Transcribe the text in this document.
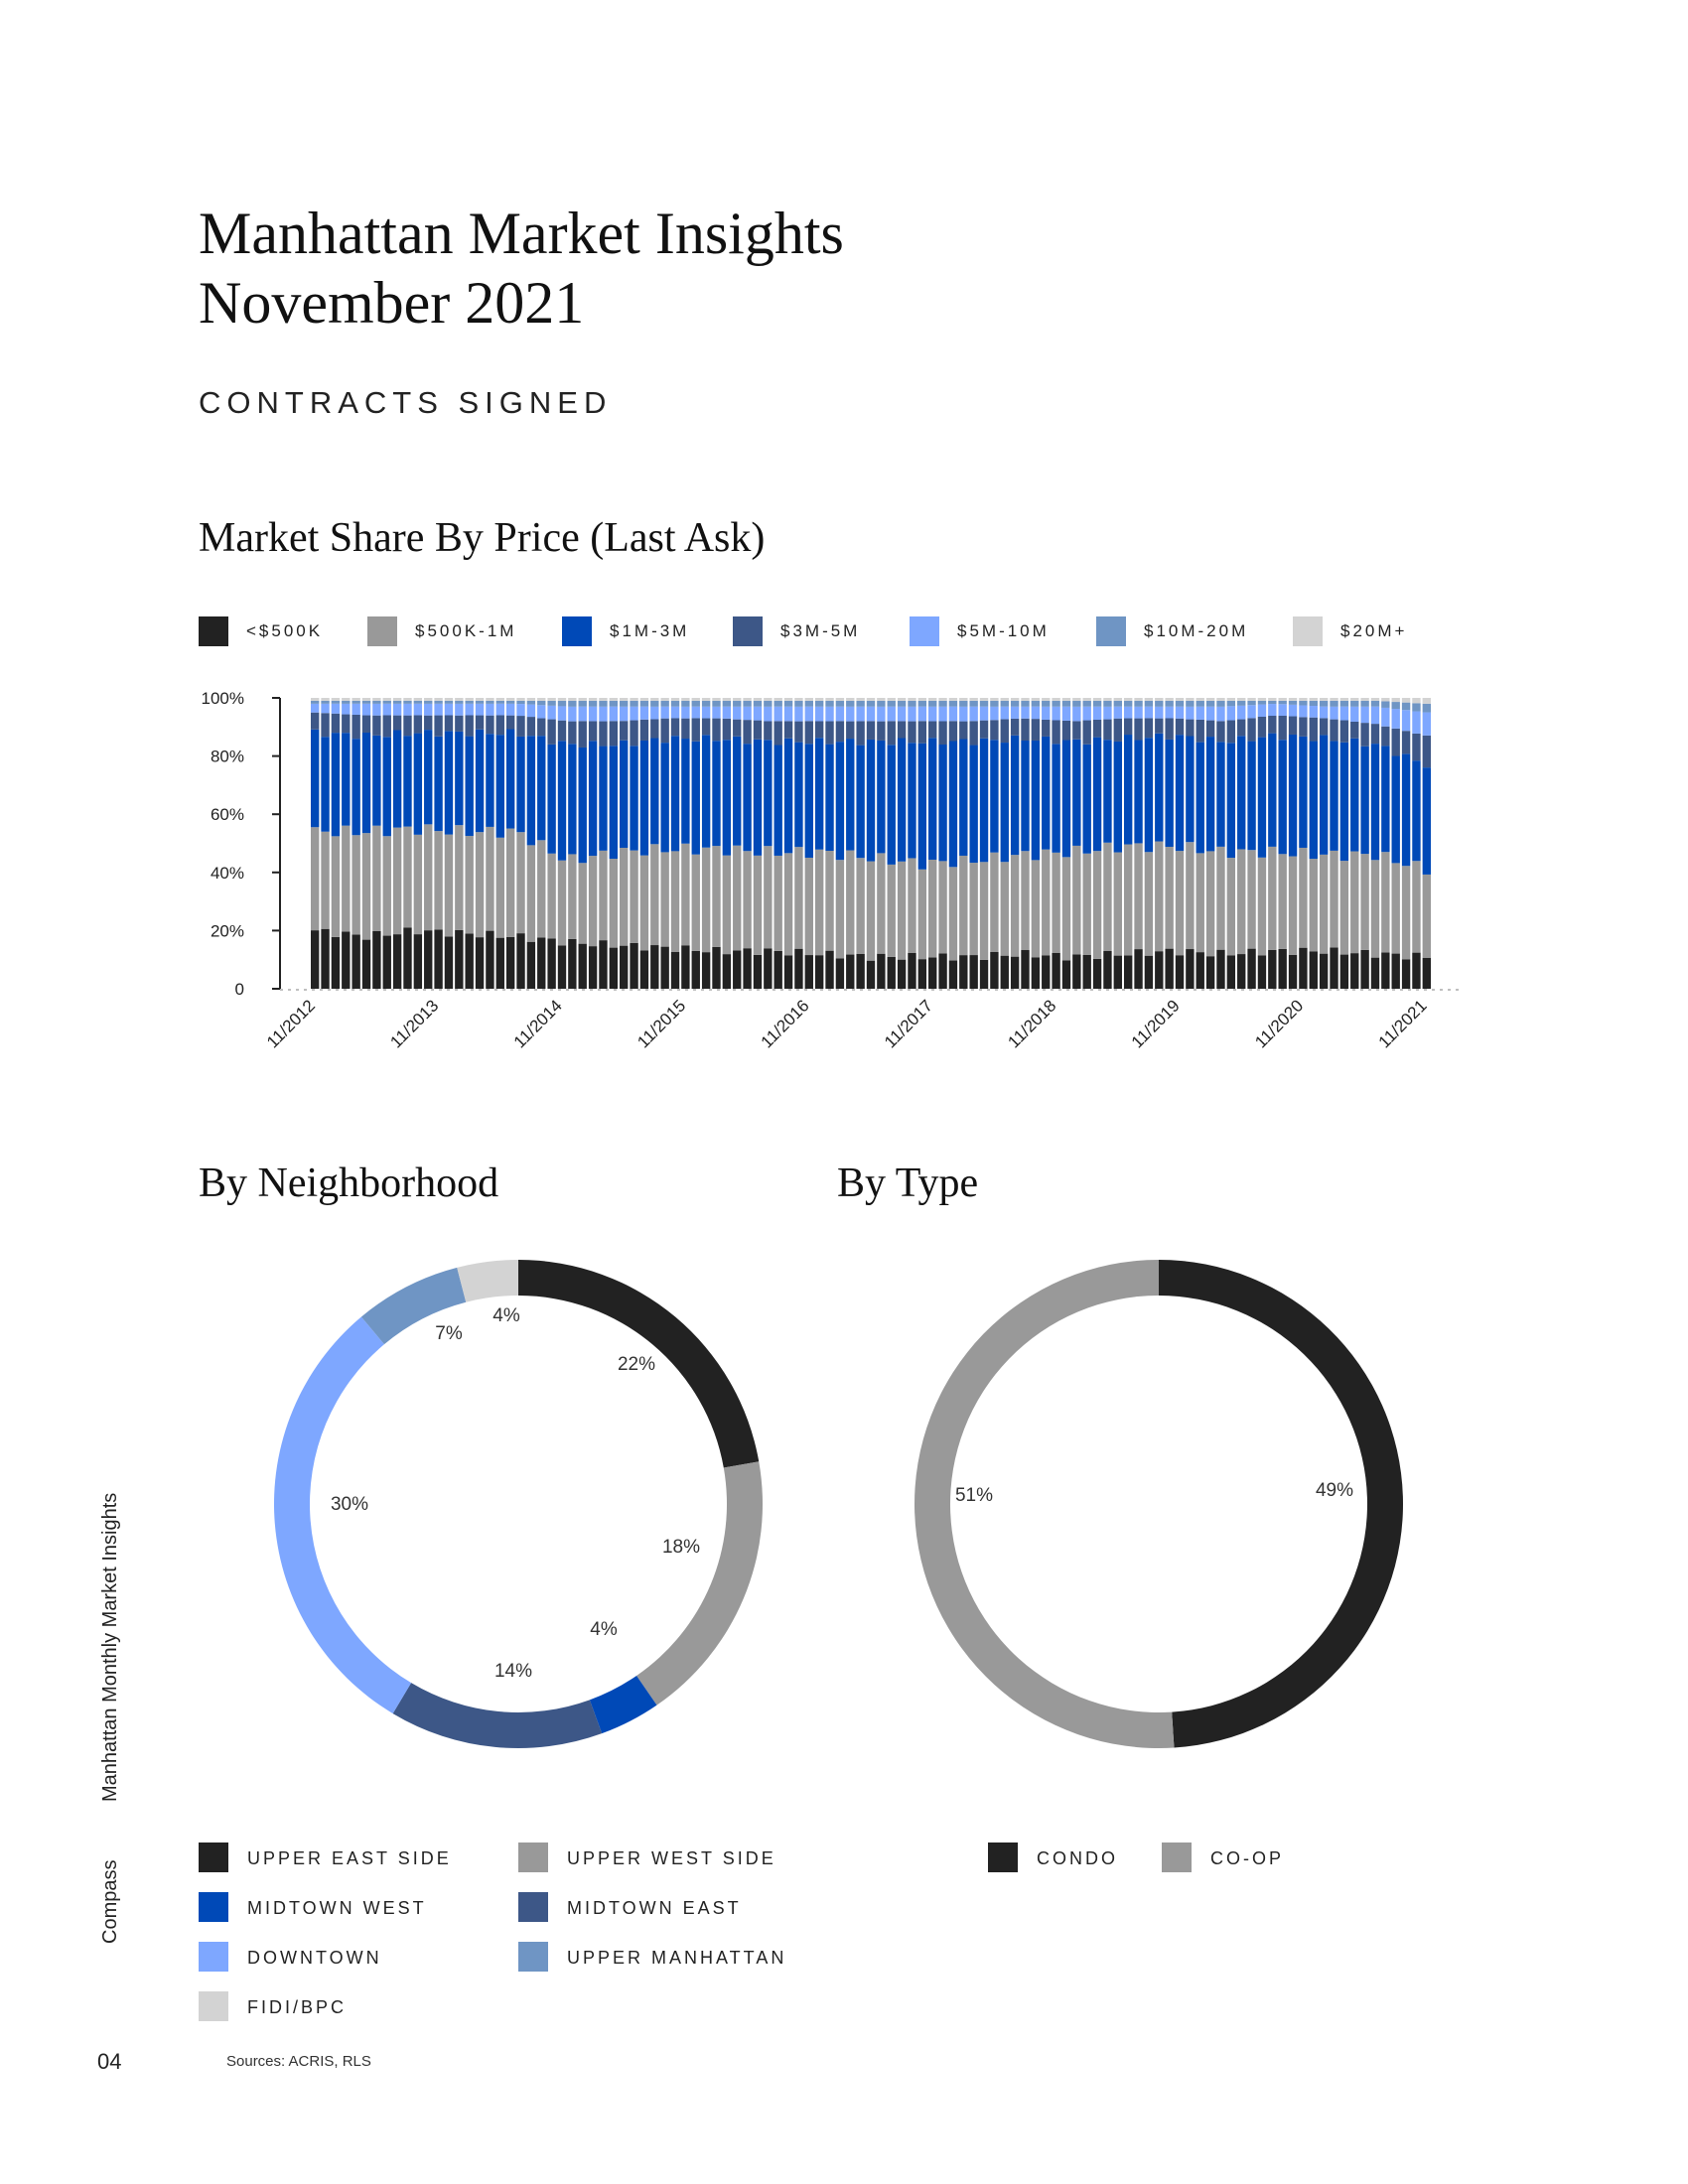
Manhattan Market Insights
November 2021
CONTRACTS SIGNED
Market Share By Price (Last Ask)
<$500K	$500K-1M	$1M-3M	$3M-5M	$5M-10M	$10M-20M	$20M+
0
20%
40%
60%
80%
100%
11/2012	11/2013	11/2014	11/2015	11/2016	11/2017	11/2018	11/2019	11/2020	11/2021
By Neighborhood	By Type
22%
18%
4%
14%
30%
7%
4%
49%
51%
UPPER EAST SIDE	UPPER WEST SIDE
MIDTOWN WEST	MIDTOWN EAST
DOWNTOWN	UPPER MANHATTAN
FIDI/BPC
CONDO	CO-OP
Manhattan Monthly Market Insights
Compass
04	Sources: ACRIS, RLS
